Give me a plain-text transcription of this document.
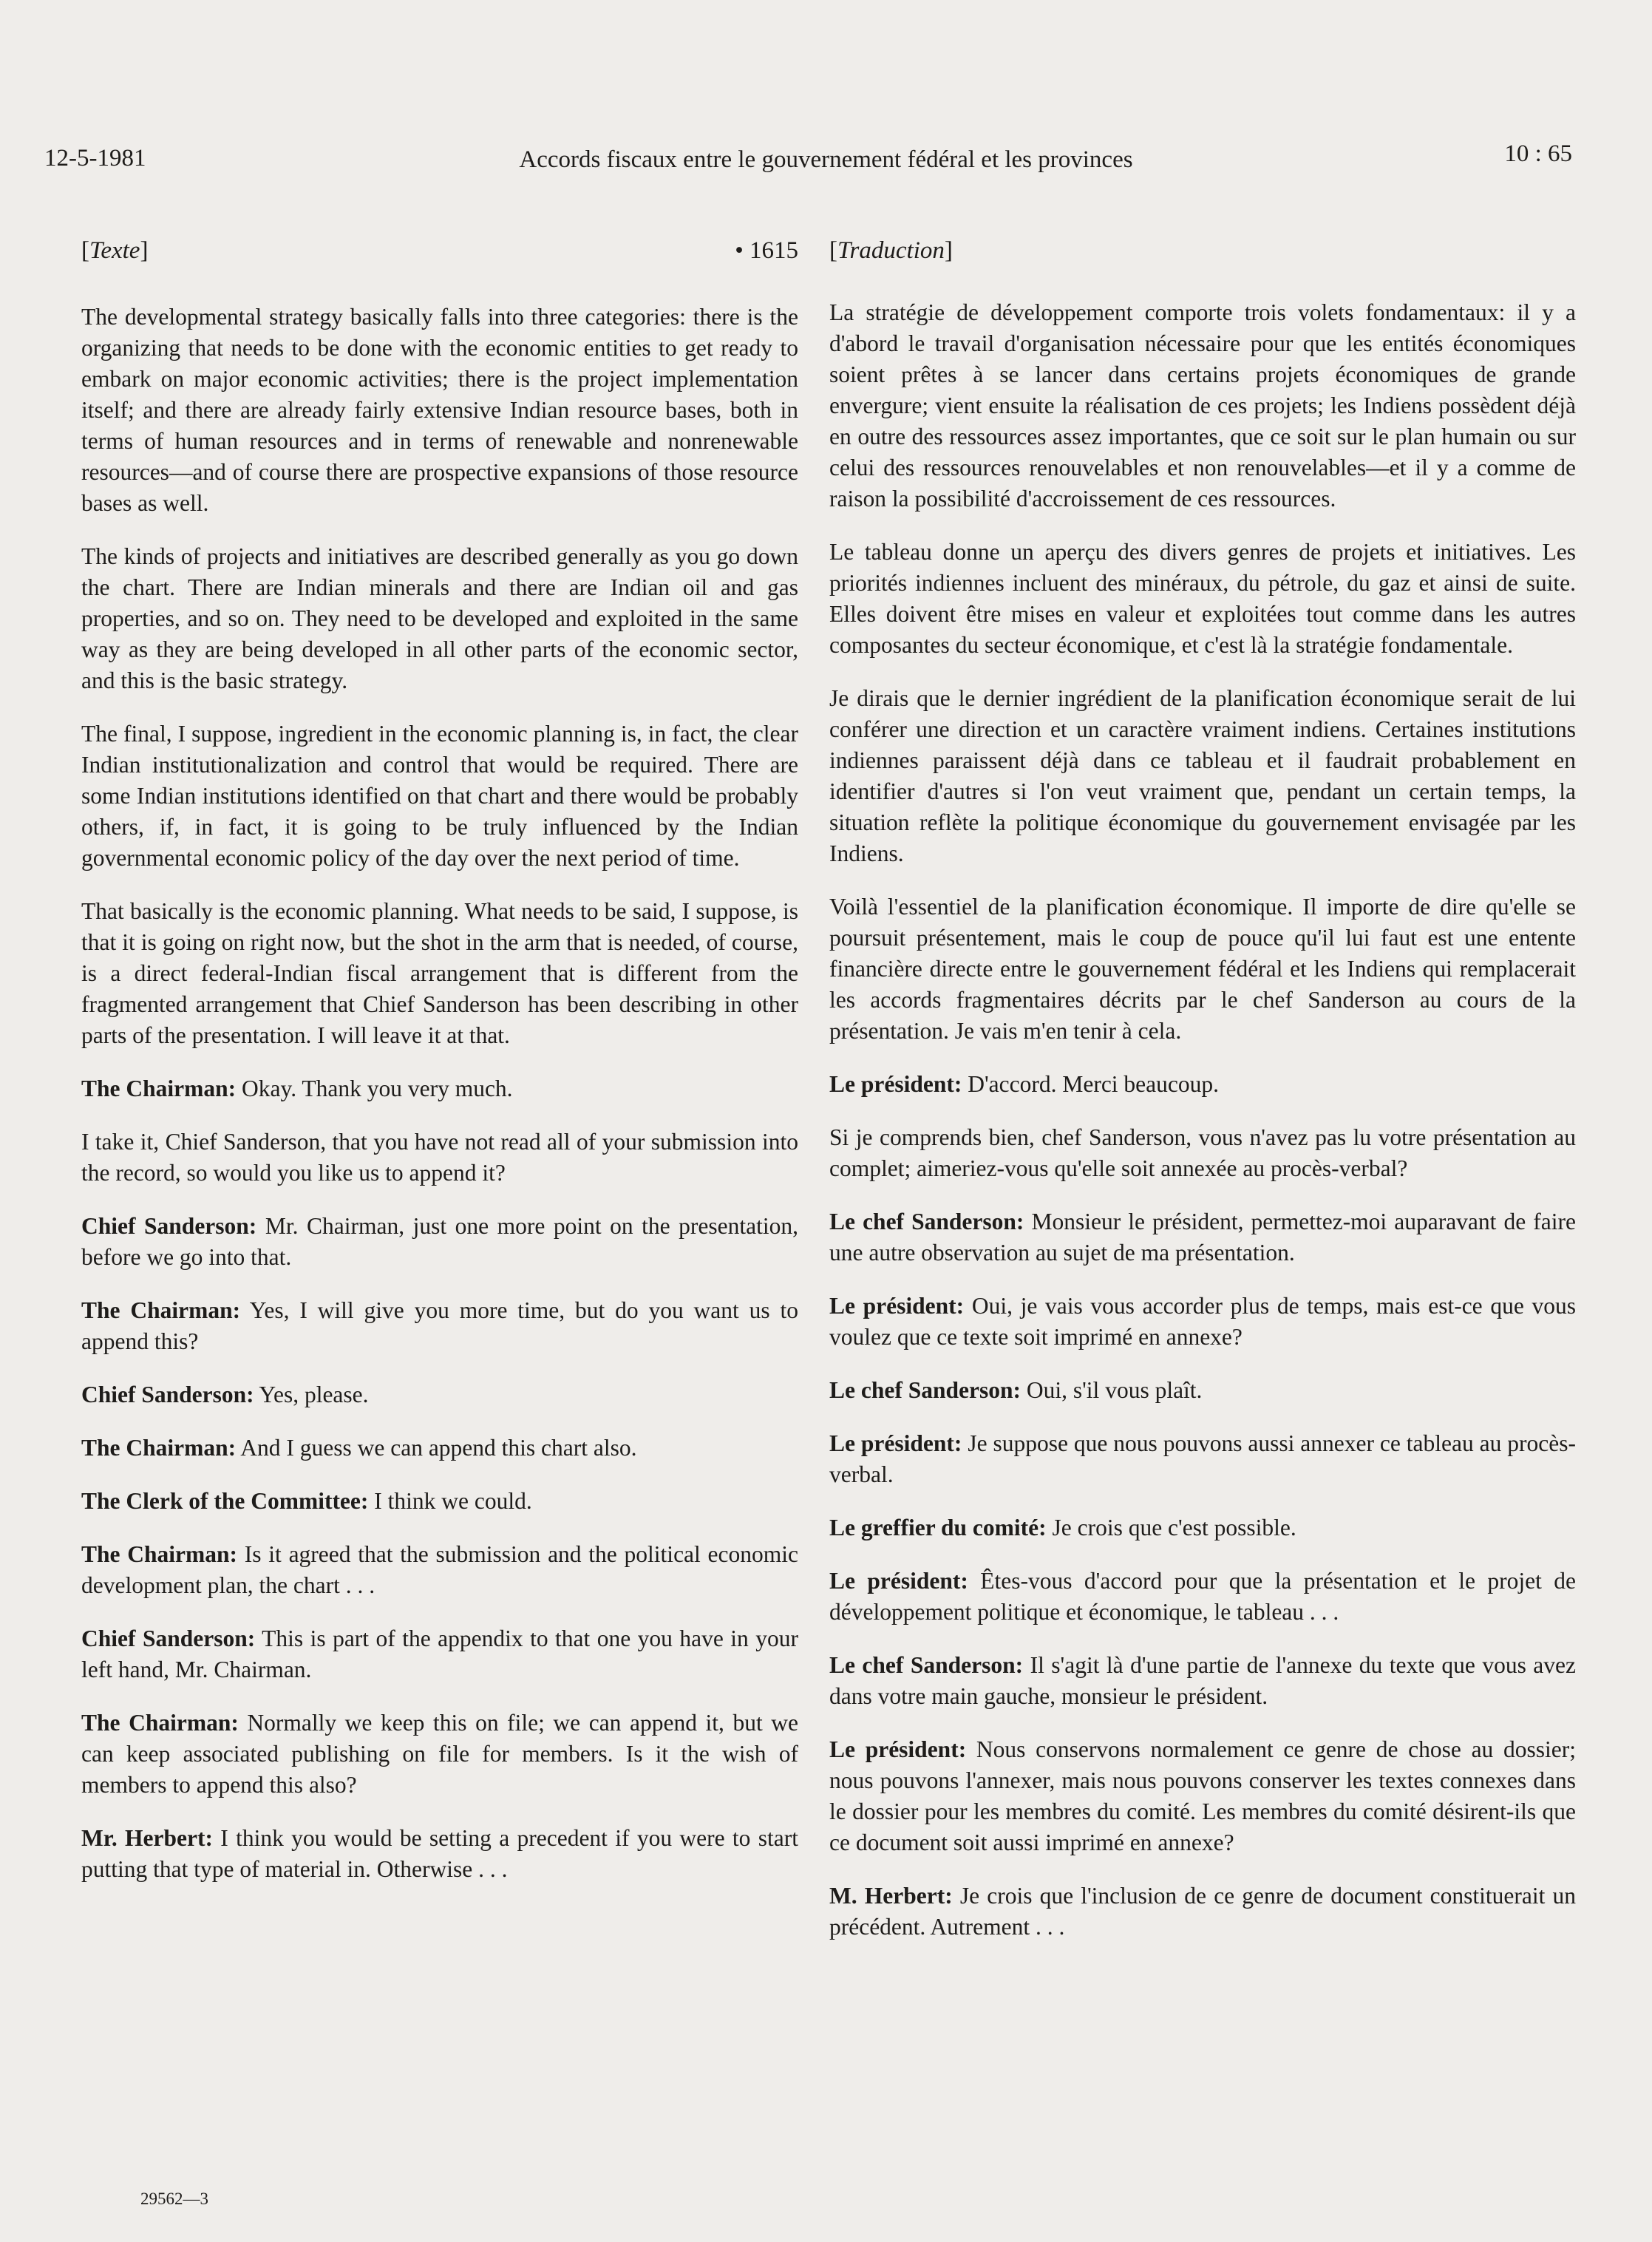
12-5-1981	Accords fiscaux entre le gouvernement fédéral et les provinces	10 : 65
[Texte]	• 1615

The developmental strategy basically falls into three categories: there is the organizing that needs to be done with the economic entities to get ready to embark on major economic activities; there is the project implementation itself; and there are already fairly extensive Indian resource bases, both in terms of human resources and in terms of renewable and nonrenewable resources—and of course there are prospective expansions of those resource bases as well.

The kinds of projects and initiatives are described generally as you go down the chart. There are Indian minerals and there are Indian oil and gas properties, and so on. They need to be developed and exploited in the same way as they are being developed in all other parts of the economic sector, and this is the basic strategy.

The final, I suppose, ingredient in the economic planning is, in fact, the clear Indian institutionalization and control that would be required. There are some Indian institutions identified on that chart and there would be probably others, if, in fact, it is going to be truly influenced by the Indian governmental economic policy of the day over the next period of time.

That basically is the economic planning. What needs to be said, I suppose, is that it is going on right now, but the shot in the arm that is needed, of course, is a direct federal-Indian fiscal arrangement that is different from the fragmented arrangement that Chief Sanderson has been describing in other parts of the presentation. I will leave it at that.

The Chairman: Okay. Thank you very much.

I take it, Chief Sanderson, that you have not read all of your submission into the record, so would you like us to append it?

Chief Sanderson: Mr. Chairman, just one more point on the presentation, before we go into that.

The Chairman: Yes, I will give you more time, but do you want us to append this?

Chief Sanderson: Yes, please.

The Chairman: And I guess we can append this chart also.

The Clerk of the Committee: I think we could.

The Chairman: Is it agreed that the submission and the political economic development plan, the chart . . .

Chief Sanderson: This is part of the appendix to that one you have in your left hand, Mr. Chairman.

The Chairman: Normally we keep this on file; we can append it, but we can keep associated publishing on file for members. Is it the wish of members to append this also?

Mr. Herbert: I think you would be setting a precedent if you were to start putting that type of material in. Otherwise . . .

[Traduction]

La stratégie de développement comporte trois volets fondamentaux: il y a d'abord le travail d'organisation nécessaire pour que les entités économiques soient prêtes à se lancer dans certains projets économiques de grande envergure; vient ensuite la réalisation de ces projets; les Indiens possèdent déjà en outre des ressources assez importantes, que ce soit sur le plan humain ou sur celui des ressources renouvelables et non renouvelables—et il y a comme de raison la possibilité d'accroissement de ces ressources.

Le tableau donne un aperçu des divers genres de projets et initiatives. Les priorités indiennes incluent des minéraux, du pétrole, du gaz et ainsi de suite. Elles doivent être mises en valeur et exploitées tout comme dans les autres composantes du secteur économique, et c'est là la stratégie fondamentale.

Je dirais que le dernier ingrédient de la planification économique serait de lui conférer une direction et un caractère vraiment indiens. Certaines institutions indiennes paraissent déjà dans ce tableau et il faudrait probablement en identifier d'autres si l'on veut vraiment que, pendant un certain temps, la situation reflète la politique économique du gouvernement envisagée par les Indiens.

Voilà l'essentiel de la planification économique. Il importe de dire qu'elle se poursuit présentement, mais le coup de pouce qu'il lui faut est une entente financière directe entre le gouvernement fédéral et les Indiens qui remplacerait les accords fragmentaires décrits par le chef Sanderson au cours de la présentation. Je vais m'en tenir à cela.

Le président: D'accord. Merci beaucoup.

Si je comprends bien, chef Sanderson, vous n'avez pas lu votre présentation au complet; aimeriez-vous qu'elle soit annexée au procès-verbal?

Le chef Sanderson: Monsieur le président, permettez-moi auparavant de faire une autre observation au sujet de ma présentation.

Le président: Oui, je vais vous accorder plus de temps, mais est-ce que vous voulez que ce texte soit imprimé en annexe?

Le chef Sanderson: Oui, s'il vous plaît.

Le président: Je suppose que nous pouvons aussi annexer ce tableau au procès-verbal.

Le greffier du comité: Je crois que c'est possible.

Le président: Êtes-vous d'accord pour que la présentation et le projet de développement politique et économique, le tableau . . .

Le chef Sanderson: Il s'agit là d'une partie de l'annexe du texte que vous avez dans votre main gauche, monsieur le président.

Le président: Nous conservons normalement ce genre de chose au dossier; nous pouvons l'annexer, mais nous pouvons conserver les textes connexes dans le dossier pour les membres du comité. Les membres du comité désirent-ils que ce document soit aussi imprimé en annexe?

M. Herbert: Je crois que l'inclusion de ce genre de document constituerait un précédent. Autrement . . .

29562—3
